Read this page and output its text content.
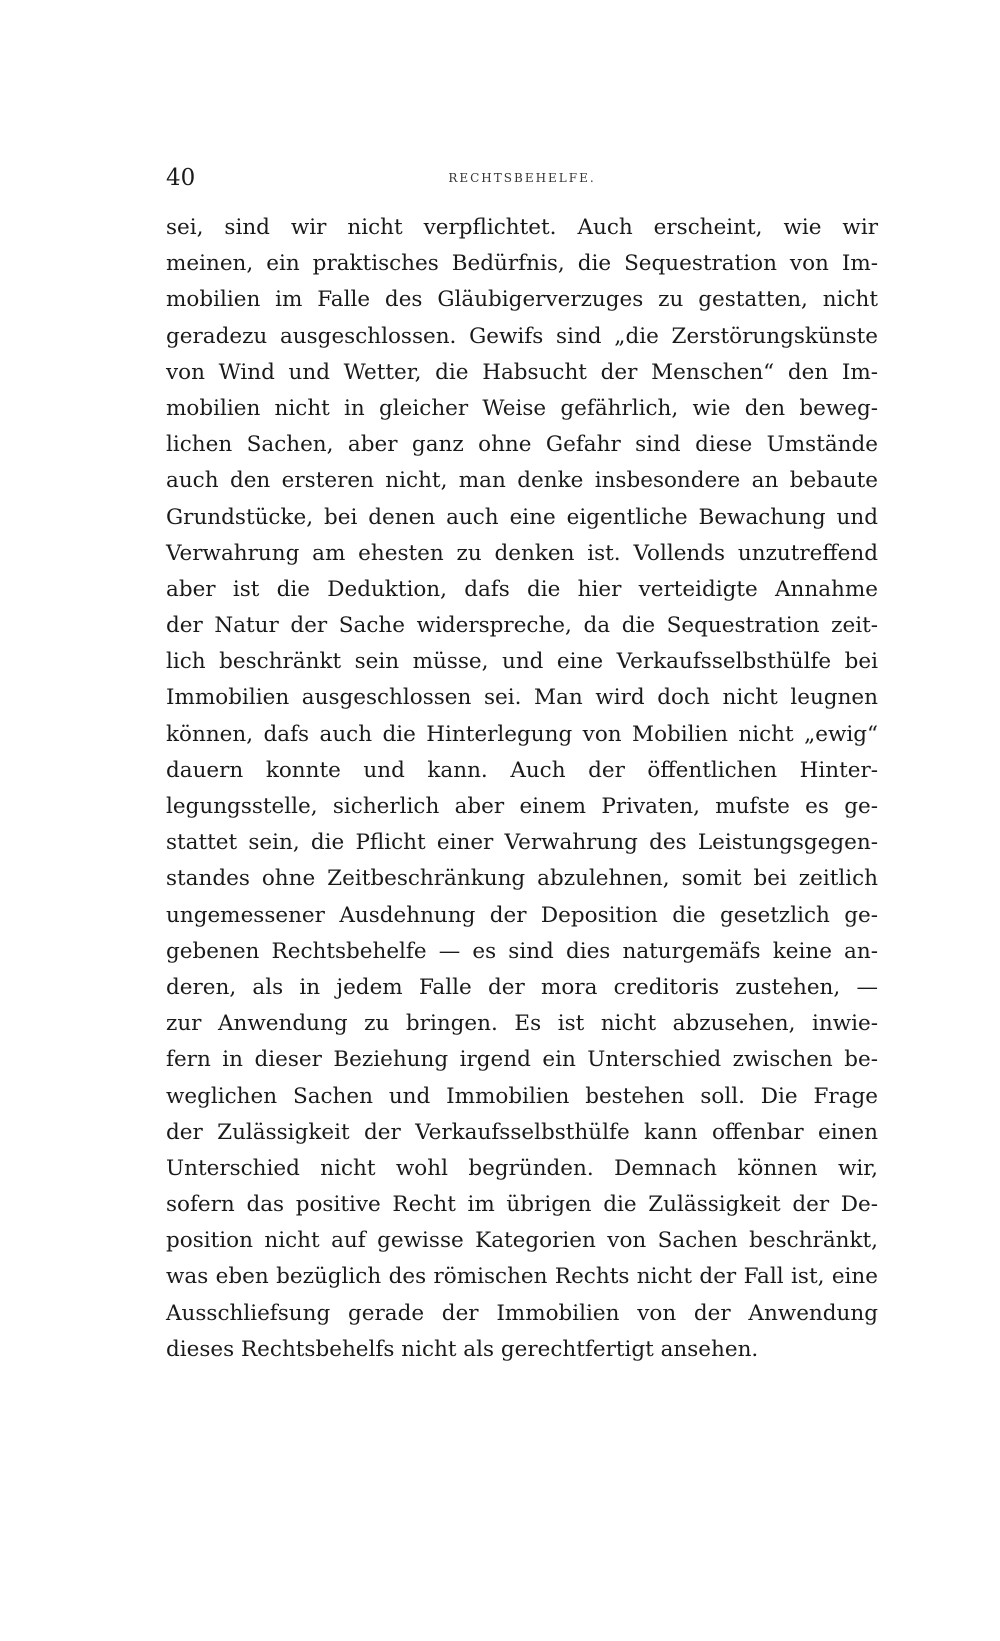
40	RECHTSBEHELFE.
sei, sind wir nicht verpflichtet. Auch erscheint, wie wir
meinen, ein praktisches Bedürfnis, die Sequestration von Im-
mobilien im Falle des Gläubigerverzuges zu gestatten, nicht
geradezu ausgeschlossen. Gewifs sind „die Zerstörungskünste
von Wind und Wetter, die Habsucht der Menschen“ den Im-
mobilien nicht in gleicher Weise gefährlich, wie den beweg-
lichen Sachen, aber ganz ohne Gefahr sind diese Umstände
auch den ersteren nicht, man denke insbesondere an bebaute
Grundstücke, bei denen auch eine eigentliche Bewachung und
Verwahrung am ehesten zu denken ist. Vollends unzutreffend
aber ist die Deduktion, dafs die hier verteidigte Annahme
der Natur der Sache widerspreche, da die Sequestration zeit-
lich beschränkt sein müsse, und eine Verkaufsselbsthülfe bei
Immobilien ausgeschlossen sei. Man wird doch nicht leugnen
können, dafs auch die Hinterlegung von Mobilien nicht „ewig“
dauern konnte und kann. Auch der öffentlichen Hinter-
legungsstelle, sicherlich aber einem Privaten, mufste es ge-
stattet sein, die Pflicht einer Verwahrung des Leistungsgegen-
standes ohne Zeitbeschränkung abzulehnen, somit bei zeitlich
ungemessener Ausdehnung der Deposition die gesetzlich ge-
gebenen Rechtsbehelfe — es sind dies naturgemäfs keine an-
deren, als in jedem Falle der mora creditoris zustehen, —
zur Anwendung zu bringen. Es ist nicht abzusehen, inwie-
fern in dieser Beziehung irgend ein Unterschied zwischen be-
weglichen Sachen und Immobilien bestehen soll. Die Frage
der Zulässigkeit der Verkaufsselbsthülfe kann offenbar einen
Unterschied nicht wohl begründen. Demnach können wir,
sofern das positive Recht im übrigen die Zulässigkeit der De-
position nicht auf gewisse Kategorien von Sachen beschränkt,
was eben bezüglich des römischen Rechts nicht der Fall ist, eine
Ausschliefsung gerade der Immobilien von der Anwendung
dieses Rechtsbehelfs nicht als gerechtfertigt ansehen.
